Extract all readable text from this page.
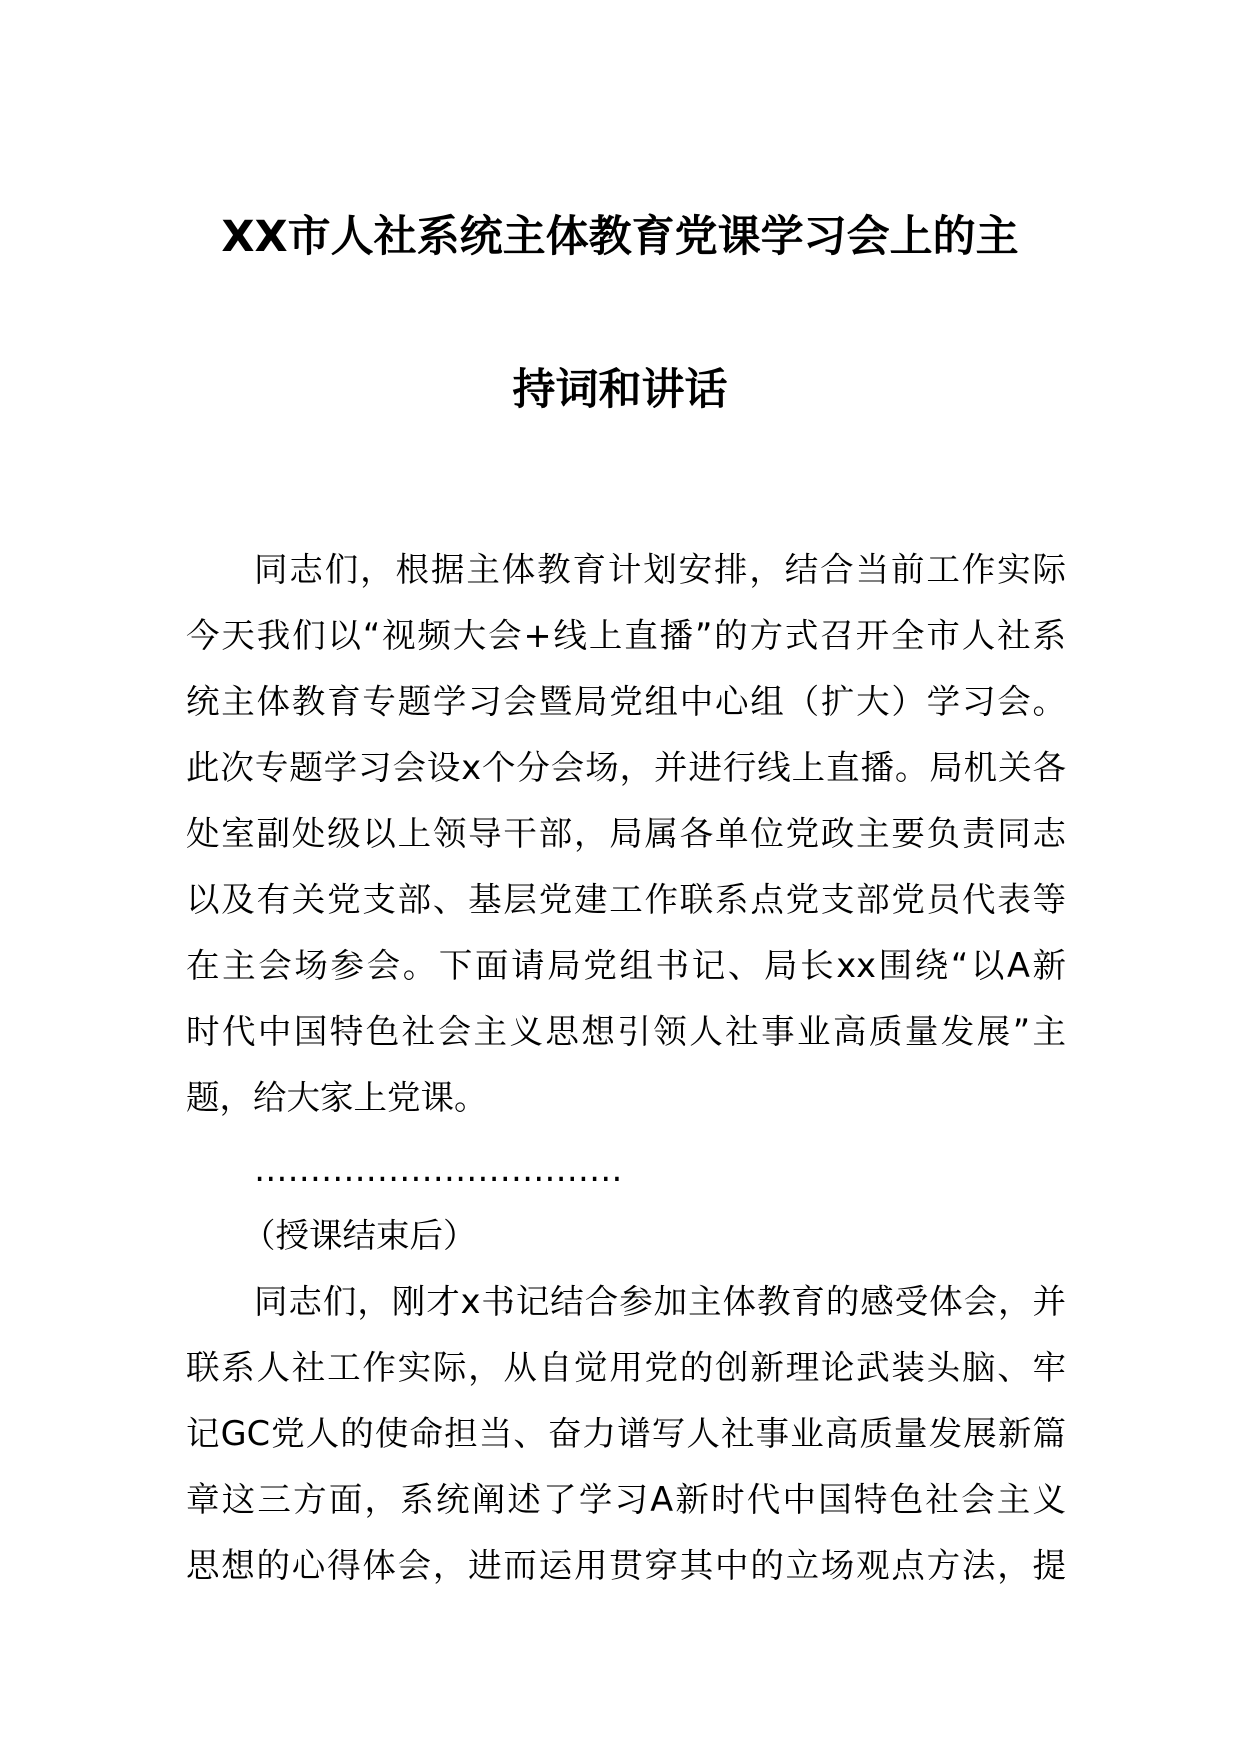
XX市人社系统主体教育党课学习会上的主
持词和讲话
同志们，根据主体教育计划安排，结合当前工作实际
今天我们以“视频大会+线上直播”的方式召开全市人社系
统主体教育专题学习会暨局党组中心组（扩大）学习会。
此次专题学习会设x个分会场，并进行线上直播。局机关各
处室副处级以上领导干部，局属各单位党政主要负责同志
以及有关党支部、基层党建工作联系点党支部党员代表等
在主会场参会。下面请局党组书记、局长xx围绕“以A新
时代中国特色社会主义思想引领人社事业高质量发展”主
题，给大家上党课。
……………………………
（授课结束后）
同志们，刚才x书记结合参加主体教育的感受体会，并
联系人社工作实际，从自觉用党的创新理论武装头脑、牢
记GC党人的使命担当、奋力谱写人社事业高质量发展新篇
章这三方面，系统阐述了学习A新时代中国特色社会主义
思想的心得体会，进而运用贯穿其中的立场观点方法，提
